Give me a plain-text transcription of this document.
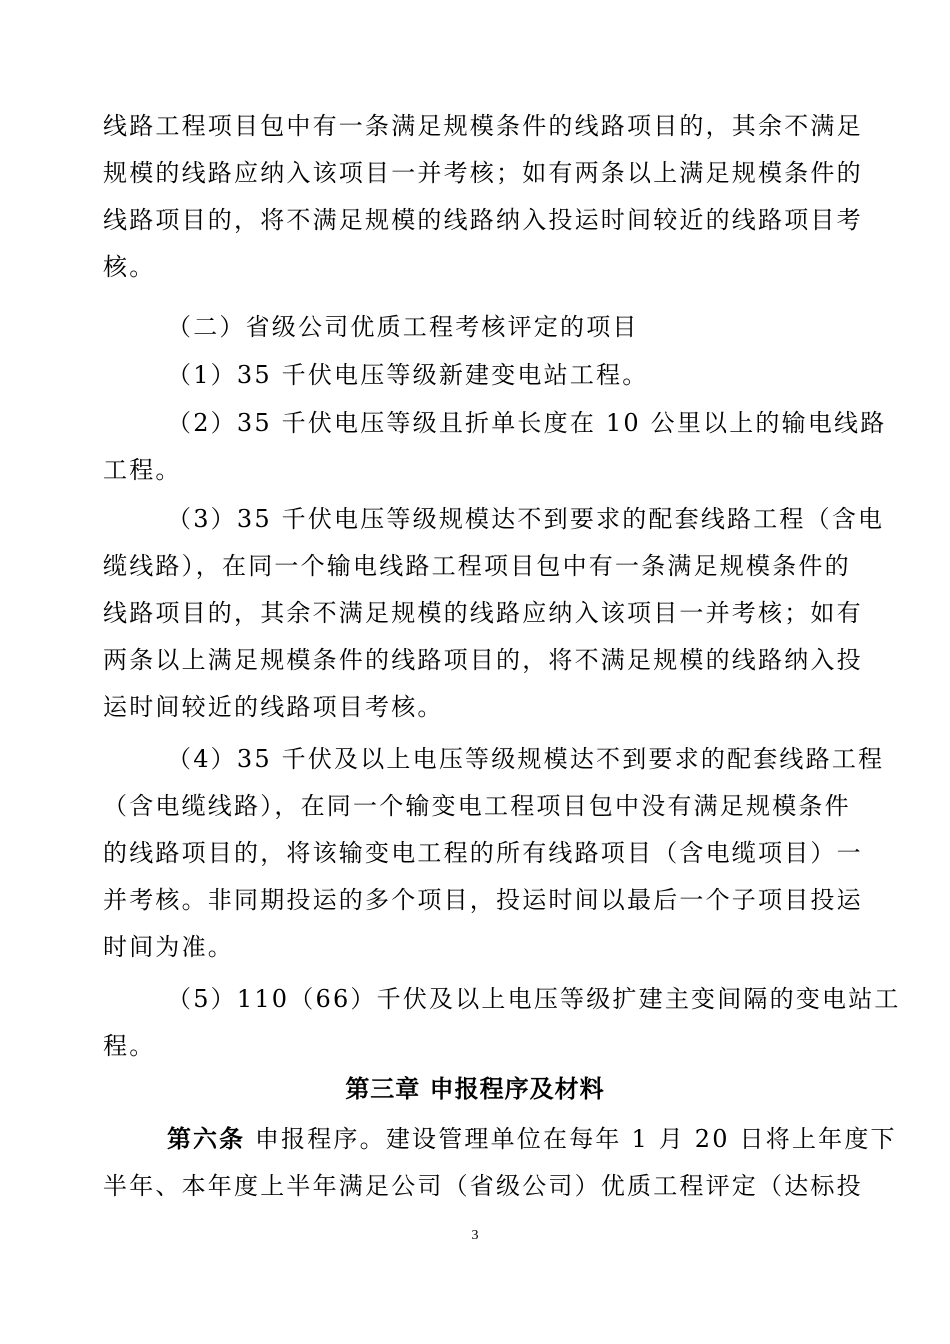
线路工程项目包中有一条满足规模条件的线路项目的，其余不满足
规模的线路应纳入该项目一并考核；如有两条以上满足规模条件的
线路项目的，将不满足规模的线路纳入投运时间较近的线路项目考
核。
（二）省级公司优质工程考核评定的项目
（1）35 千伏电压等级新建变电站工程。
（2）35 千伏电压等级且折单长度在 10 公里以上的输电线路
工程。
（3）35 千伏电压等级规模达不到要求的配套线路工程（含电
缆线路），在同一个输电线路工程项目包中有一条满足规模条件的
线路项目的，其余不满足规模的线路应纳入该项目一并考核；如有
两条以上满足规模条件的线路项目的，将不满足规模的线路纳入投
运时间较近的线路项目考核。
（4）35 千伏及以上电压等级规模达不到要求的配套线路工程
（含电缆线路），在同一个输变电工程项目包中没有满足规模条件
的线路项目的，将该输变电工程的所有线路项目（含电缆项目）一
并考核。非同期投运的多个项目，投运时间以最后一个子项目投运
时间为准。
（5）110（66）千伏及以上电压等级扩建主变间隔的变电站工
程。
第三章 申报程序及材料
第六条 申报程序。建设管理单位在每年 1 月 20 日将上年度下
半年、本年度上半年满足公司（省级公司）优质工程评定（达标投
3
